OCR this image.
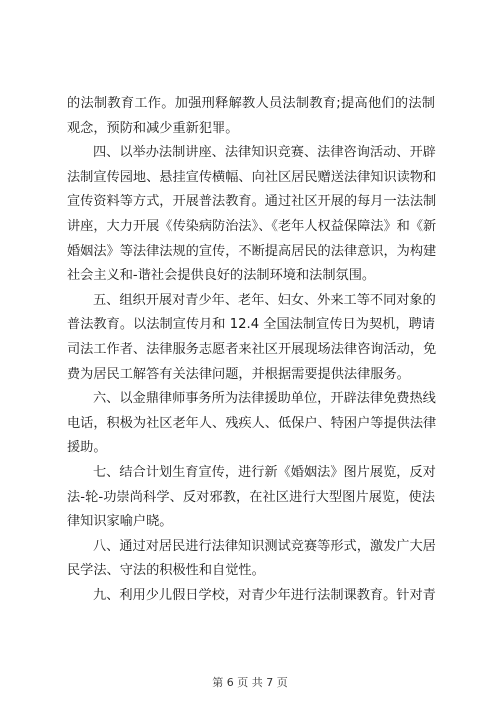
的法制教育工作。加强刑释解教人员法制教育;提高他们的法制
观念，预防和减少重新犯罪。
四、以举办法制讲座、法律知识竞赛、法律咨询活动、开辟
法制宣传园地、悬挂宣传横幅、向社区居民赠送法律知识读物和
宣传资料等方式，开展普法教育。通过社区开展的每月一法法制
讲座，大力开展《传染病防治法》、《老年人权益保障法》和《新
婚姻法》等法律法规的宣传，不断提高居民的法律意识，为构建
社会主义和-谐社会提供良好的法制环境和法制氛围。
五、组织开展对青少年、老年、妇女、外来工等不同对象的
普法教育。以法制宣传月和 12.4 全国法制宣传日为契机，聘请
司法工作者、法律服务志愿者来社区开展现场法律咨询活动，免
费为居民工解答有关法律问题，并根据需要提供法律服务。
六、以金鼎律师事务所为法律援助单位，开辟法律免费热线
电话，积极为社区老年人、残疾人、低保户、特困户等提供法律
援助。
七、结合计划生育宣传，进行新《婚姻法》图片展览，反对
法-轮-功崇尚科学、反对邪教，在社区进行大型图片展览，使法
律知识家喻户晓。
八、通过对居民进行法律知识测试竞赛等形式，激发广大居
民学法、守法的积极性和自觉性。
九、利用少儿假日学校，对青少年进行法制课教育。针对青
第 6 页 共 7 页
